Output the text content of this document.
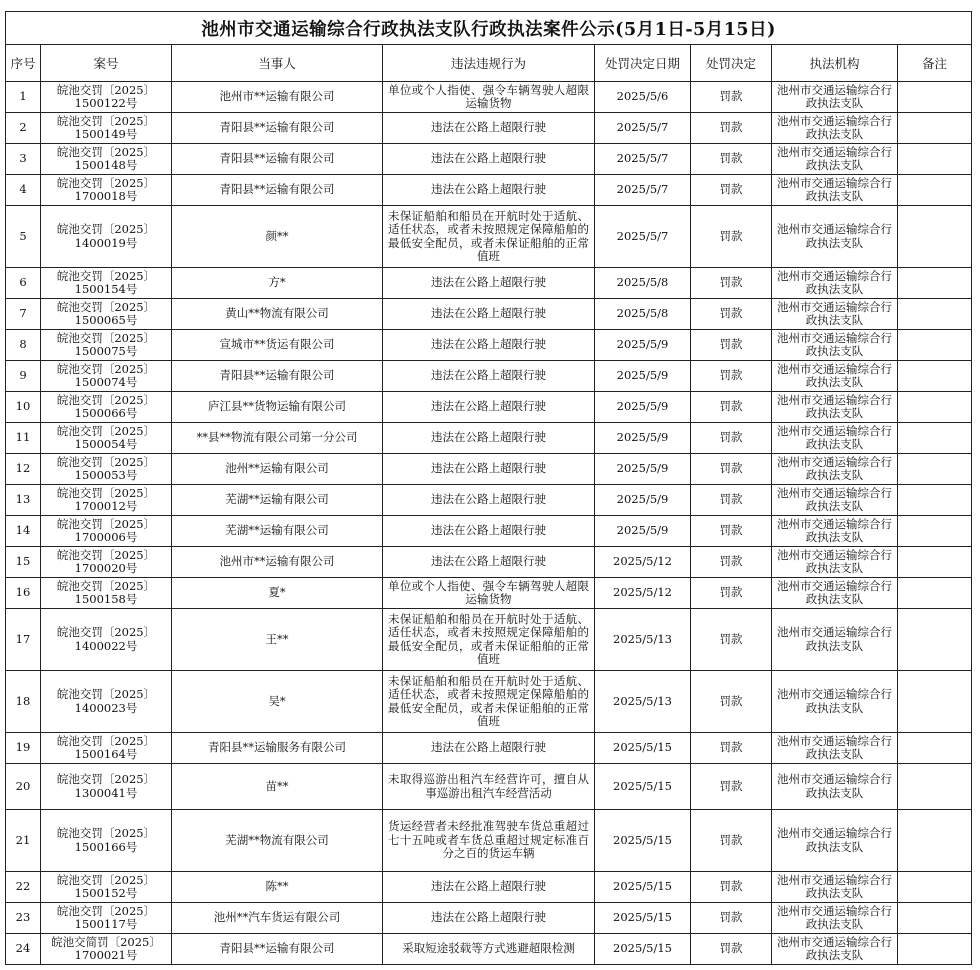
池州市交通运输综合行政执法支队行政执法案件公示(5月1日-5月15日)							
序号	案号	当事人	违法违规行为	处罚决定日期	处罚决定	执法机构	备注
1	皖池交罚〔2025〕1500122号	池州市**运输有限公司	单位或个人指使、强令车辆驾驶人超限运输货物	2025/5/6	罚款	池州市交通运输综合行政执法支队	
2	皖池交罚〔2025〕1500149号	青阳县**运输有限公司	违法在公路上超限行驶	2025/5/7	罚款	池州市交通运输综合行政执法支队	
3	皖池交罚〔2025〕1500148号	青阳县**运输有限公司	违法在公路上超限行驶	2025/5/7	罚款	池州市交通运输综合行政执法支队	
4	皖池交罚〔2025〕1700018号	青阳县**运输有限公司	违法在公路上超限行驶	2025/5/7	罚款	池州市交通运输综合行政执法支队	
5	皖池交罚〔2025〕1400019号	颜**	未保证船舶和船员在开航时处于适航、适任状态，或者未按照规定保障船舶的最低安全配员，或者未保证船舶的正常值班	2025/5/7	罚款	池州市交通运输综合行政执法支队	
6	皖池交罚〔2025〕1500154号	方*	违法在公路上超限行驶	2025/5/8	罚款	池州市交通运输综合行政执法支队	
7	皖池交罚〔2025〕1500065号	黄山**物流有限公司	违法在公路上超限行驶	2025/5/8	罚款	池州市交通运输综合行政执法支队	
8	皖池交罚〔2025〕1500075号	宣城市**货运有限公司	违法在公路上超限行驶	2025/5/9	罚款	池州市交通运输综合行政执法支队	
9	皖池交罚〔2025〕1500074号	青阳县**运输有限公司	违法在公路上超限行驶	2025/5/9	罚款	池州市交通运输综合行政执法支队	
10	皖池交罚〔2025〕1500066号	庐江县**货物运输有限公司	违法在公路上超限行驶	2025/5/9	罚款	池州市交通运输综合行政执法支队	
11	皖池交罚〔2025〕1500054号	**县**物流有限公司第一分公司	违法在公路上超限行驶	2025/5/9	罚款	池州市交通运输综合行政执法支队	
12	皖池交罚〔2025〕1500053号	池州**运输有限公司	违法在公路上超限行驶	2025/5/9	罚款	池州市交通运输综合行政执法支队	
13	皖池交罚〔2025〕1700012号	芜湖**运输有限公司	违法在公路上超限行驶	2025/5/9	罚款	池州市交通运输综合行政执法支队	
14	皖池交罚〔2025〕1700006号	芜湖**运输有限公司	违法在公路上超限行驶	2025/5/9	罚款	池州市交通运输综合行政执法支队	
15	皖池交罚〔2025〕1700020号	池州市**运输有限公司	违法在公路上超限行驶	2025/5/12	罚款	池州市交通运输综合行政执法支队	
16	皖池交罚〔2025〕1500158号	夏*	单位或个人指使、强令车辆驾驶人超限运输货物	2025/5/12	罚款	池州市交通运输综合行政执法支队	
17	皖池交罚〔2025〕1400022号	王**	未保证船舶和船员在开航时处于适航、适任状态，或者未按照规定保障船舶的最低安全配员，或者未保证船舶的正常值班	2025/5/13	罚款	池州市交通运输综合行政执法支队	
18	皖池交罚〔2025〕1400023号	吴*	未保证船舶和船员在开航时处于适航、适任状态，或者未按照规定保障船舶的最低安全配员，或者未保证船舶的正常值班	2025/5/13	罚款	池州市交通运输综合行政执法支队	
19	皖池交罚〔2025〕1500164号	青阳县**运输服务有限公司	违法在公路上超限行驶	2025/5/15	罚款	池州市交通运输综合行政执法支队	
20	皖池交罚〔2025〕1300041号	苗**	未取得巡游出租汽车经营许可，擅自从事巡游出租汽车经营活动	2025/5/15	罚款	池州市交通运输综合行政执法支队	
21	皖池交罚〔2025〕1500166号	芜湖**物流有限公司	货运经营者未经批准驾驶车货总重超过七十五吨或者车货总重超过规定标准百分之百的货运车辆	2025/5/15	罚款	池州市交通运输综合行政执法支队	
22	皖池交罚〔2025〕1500152号	陈**	违法在公路上超限行驶	2025/5/15	罚款	池州市交通运输综合行政执法支队	
23	皖池交罚〔2025〕1500117号	池州**汽车货运有限公司	违法在公路上超限行驶	2025/5/15	罚款	池州市交通运输综合行政执法支队	
24	皖池交简罚〔2025〕1700021号	青阳县**运输有限公司	采取短途驳载等方式逃避超限检测	2025/5/15	罚款	池州市交通运输综合行政执法支队	
